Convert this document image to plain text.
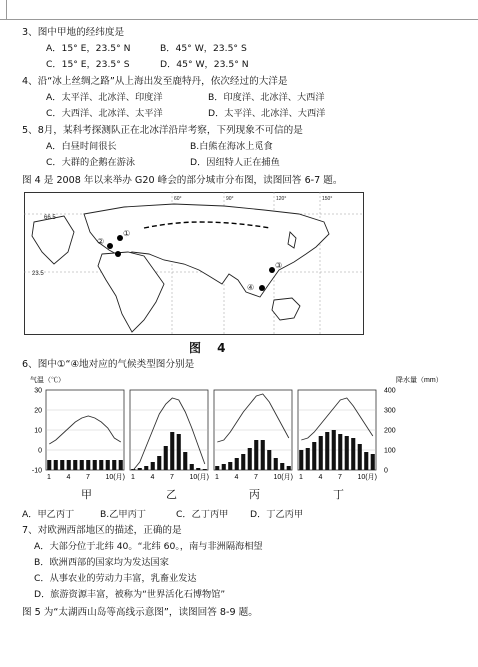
3、图中甲地的经纬度是
A．15° E，23.5° N	B．45° W，23.5° S
C．15° E，23.5° S	D．45° W，23.5° N
4、沿“冰上丝绸之路”从上海出发至鹿特丹，依次经过的大洋是
A．太平洋、北冰洋、印度洋	B．印度洋、北冰洋、大西洋
C．大西洋、北冰洋、太平洋	D．太平洋、北冰洋、大西洋
5、8月，某科考探测队正在北冰洋沿岸考察，下列现象不可信的是
A．白昼时间很长	B.白熊在海冰上觅食
C．大群的企鹅在游泳	D．因纽特人正在捕鱼
图 4 是 2008 年以来举办 G20 峰会的部分城市分布图，读图回答 6-7 题。
66.5
23.5
60°	90°	120°	150°
①
②
③
④
图 4
6、图中①“④地对应的气候类型图分别是
气温（℃）	降水量（mm）
30
20
10
0
-10
400
300
200
100
0
1 4 7 10(月) 1 4 7 10(月) 1 4 7 10(月) 1 4 7 10(月)
甲	乙	丙	丁
A．甲乙丙丁	B.乙甲丙丁	C．乙丁丙甲 D．丁乙丙甲
7、对欧洲西部地区的描述，正确的是
A．大部分位于北纬 40。“北纬 60。，南与非洲隔海相望
B．欧洲西部的国家均为发达国家
C．从事农业的劳动力丰富，乳畜业发达
D．旅游资源丰富，被称为“世界活化石博物馆”
图 5 为“太湖西山岛等高线示意图”，读图回答 8-9 题。
